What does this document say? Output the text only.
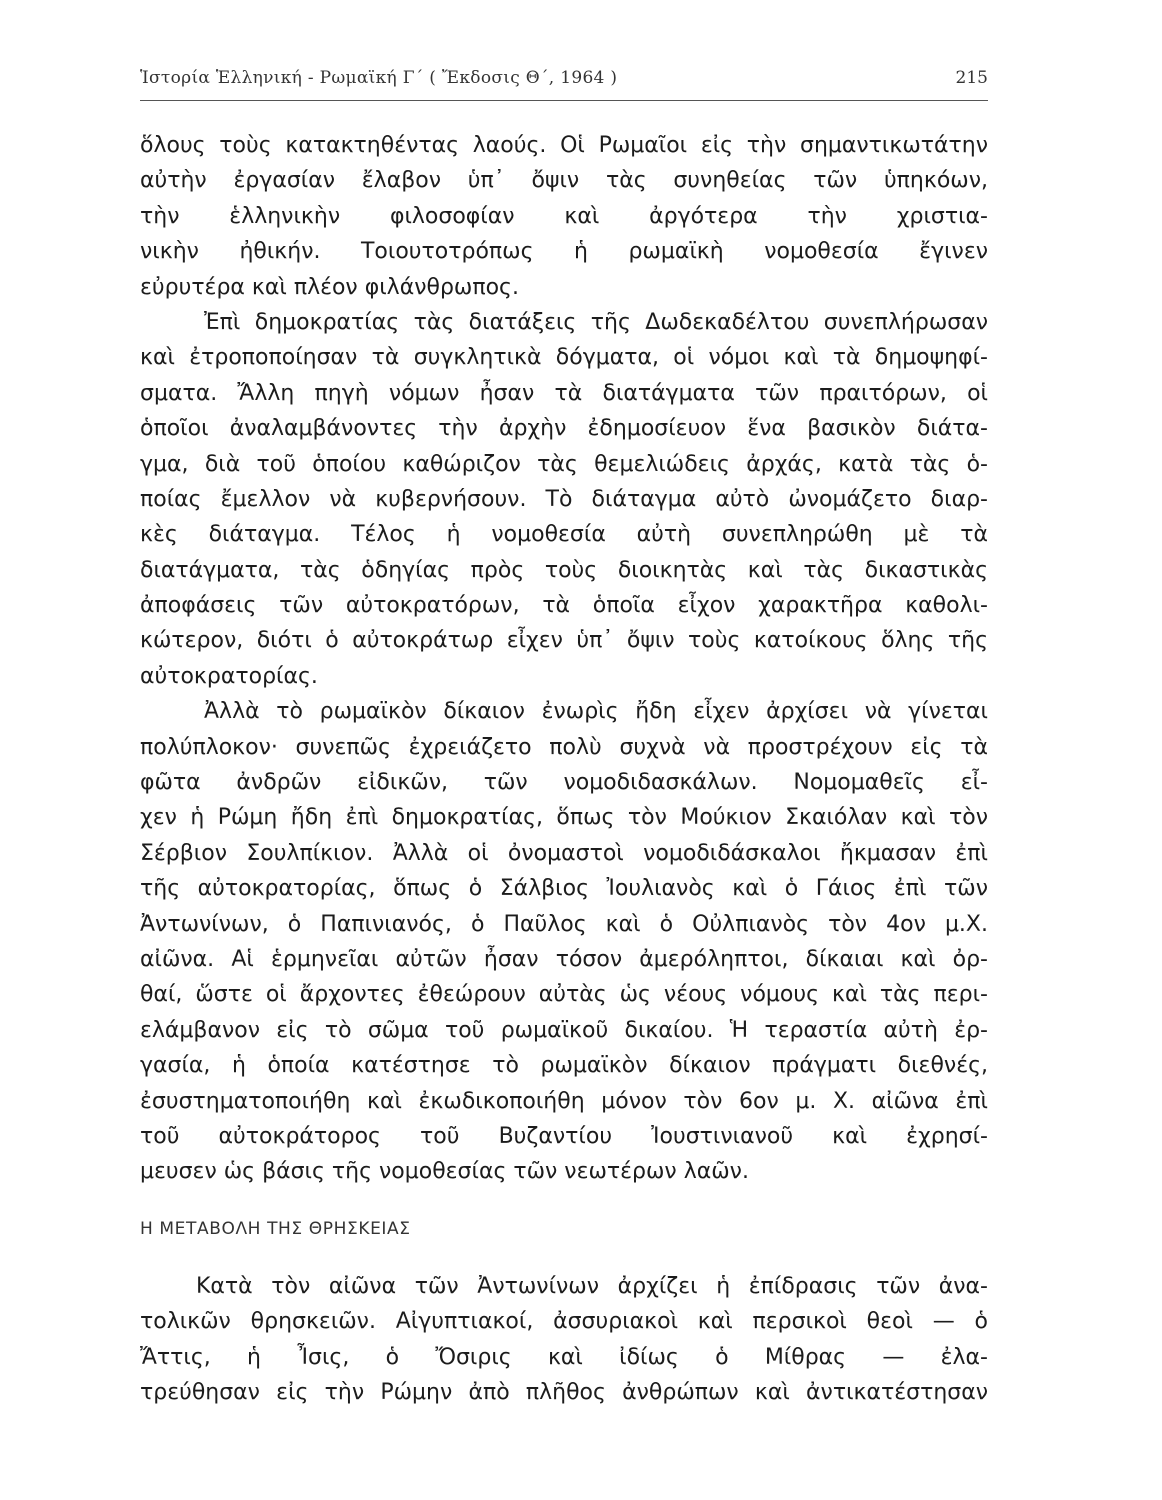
Ἱστορία Ἑλληνική - Ρωμαϊκή Γ΄ ( Ἔκδοσις Θ΄, 1964 )	215
ὅλους τοὺς κατακτηθέντας λαούς. Οἱ Ρωμαῖοι εἰς τὴν σημαντικωτάτην
αὐτὴν ἐργασίαν ἔλαβον ὑπ᾿ ὄψιν τὰς συνηθείας τῶν ὑπηκόων,
τὴν ἑλληνικὴν φιλοσοφίαν καὶ ἀργότερα τὴν χριστια-
νικὴν ἠθικήν. Τοιουτοτρόπως ἡ ρωμαϊκὴ νομοθεσία ἔγινεν
εὐρυτέρα καὶ πλέον φιλάνθρωπος.
Ἐπὶ δημοκρατίας τὰς διατάξεις τῆς Δωδεκαδέλτου συνεπλήρωσαν
καὶ ἐτροποποίησαν τὰ συγκλητικὰ δόγματα, οἱ νόμοι καὶ τὰ δημοψηφί-
σματα. Ἄλλη πηγὴ νόμων ἦσαν τὰ διατάγματα τῶν πραιτόρων, οἱ
ὁποῖοι ἀναλαμβάνοντες τὴν ἀρχὴν ἐδημοσίευον ἕνα βασικὸν διάτα-
γμα, διὰ τοῦ ὁποίου καθώριζον τὰς θεμελιώδεις ἀρχάς, κατὰ τὰς ὁ-
ποίας ἔμελλον νὰ κυβερνήσουν. Τὸ διάταγμα αὐτὸ ὠνομάζετο διαρ-
κὲς διάταγμα. Τέλος ἡ νομοθεσία αὐτὴ συνεπληρώθη μὲ τὰ
διατάγματα, τὰς ὁδηγίας πρὸς τοὺς διοικητὰς καὶ τὰς δικαστικὰς
ἀποφάσεις τῶν αὐτοκρατόρων, τὰ ὁποῖα εἶχον χαρακτῆρα καθολι-
κώτερον, διότι ὁ αὐτοκράτωρ εἶχεν ὑπ᾿ ὄψιν τοὺς κατοίκους ὅλης τῆς
αὐτοκρατορίας.
Ἀλλὰ τὸ ρωμαϊκὸν δίκαιον ἐνωρὶς ἤδη εἶχεν ἀρχίσει νὰ γίνεται
πολύπλοκον· συνεπῶς ἐχρειάζετο πολὺ συχνὰ νὰ προστρέχουν εἰς τὰ
φῶτα ἀνδρῶν εἰδικῶν, τῶν νομοδιδασκάλων. Νομομαθεῖς εἶ-
χεν ἡ Ρώμη ἤδη ἐπὶ δημοκρατίας, ὅπως τὸν Μούκιον Σκαιόλαν καὶ τὸν
Σέρβιον Σουλπίκιον. Ἀλλὰ οἱ ὀνομαστοὶ νομοδιδάσκαλοι ἤκμασαν ἐπὶ
τῆς αὐτοκρατορίας, ὅπως ὁ Σάλβιος Ἰουλιανὸς καὶ ὁ Γάιος ἐπὶ τῶν
Ἀντωνίνων, ὁ Παπινιανός, ὁ Παῦλος καὶ ὁ Οὐλπιανὸς τὸν 4ον μ.Χ.
αἰῶνα. Αἱ ἑρμηνεῖαι αὐτῶν ἦσαν τόσον ἀμερόληπτοι, δίκαιαι καὶ ὀρ-
θαί, ὥστε οἱ ἄρχοντες ἐθεώρουν αὐτὰς ὡς νέους νόμους καὶ τὰς περι-
ελάμβανον εἰς τὸ σῶμα τοῦ ρωμαϊκοῦ δικαίου. Ἡ τεραστία αὐτὴ ἐρ-
γασία, ἡ ὁποία κατέστησε τὸ ρωμαϊκὸν δίκαιον πράγματι διεθνές,
ἐσυστηματοποιήθη καὶ ἐκωδικοποιήθη μόνον τὸν 6ον μ. Χ. αἰῶνα ἐπὶ
τοῦ αὐτοκράτορος τοῦ Βυζαντίου Ἰουστινιανοῦ καὶ ἐχρησί-
μευσεν ὡς βάσις τῆς νομοθεσίας τῶν νεωτέρων λαῶν.
Η ΜΕΤΑΒΟΛΗ ΤΗΣ ΘΡΗΣΚΕΙΑΣ
Κατὰ τὸν αἰῶνα τῶν Ἀντωνίνων ἀρχίζει ἡ ἐπίδρασις τῶν ἀνα-
τολικῶν θρησκειῶν. Αἰγυπτιακοί, ἀσσυριακοὶ καὶ περσικοὶ θεοὶ — ὁ
Ἄττις, ἡ Ἶσις, ὁ Ὄσιρις καὶ ἰδίως ὁ Μίθρας — ἐλα-
τρεύθησαν εἰς τὴν Ρώμην ἀπὸ πλῆθος ἀνθρώπων καὶ ἀντικατέστησαν
